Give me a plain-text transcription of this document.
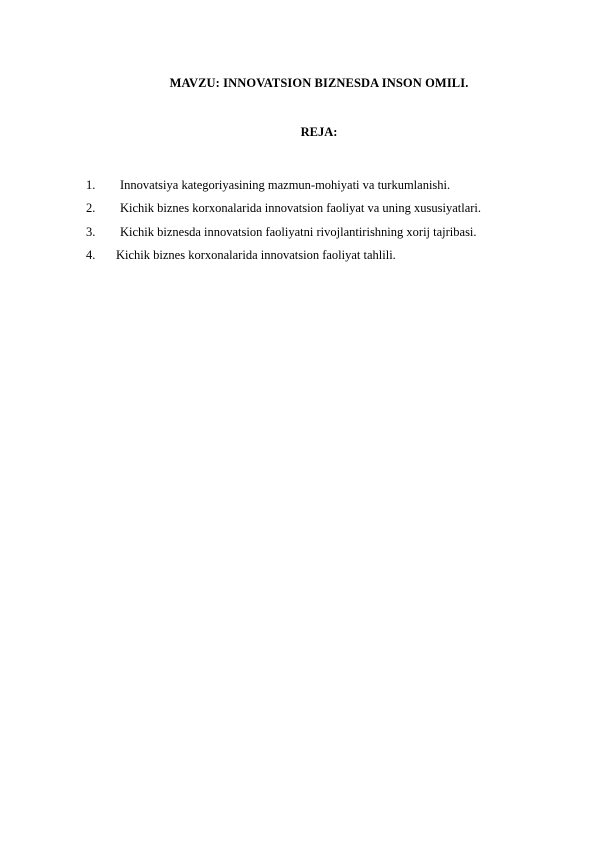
MAVZU: INNOVATSION BIZNESDA INSON OMILI.
REJA:
1. Innovatsiya kategoriyasining mazmun-mohiyati va turkumlanishi.
2. Kichik biznes korxonalarida innovatsion faoliyat va uning xususiyatlari.
3. Kichik biznesda innovatsion faoliyatni rivojlantirishning xorij tajribasi.
4. Kichik biznes korxonalarida innovatsion faoliyat tahlili.
